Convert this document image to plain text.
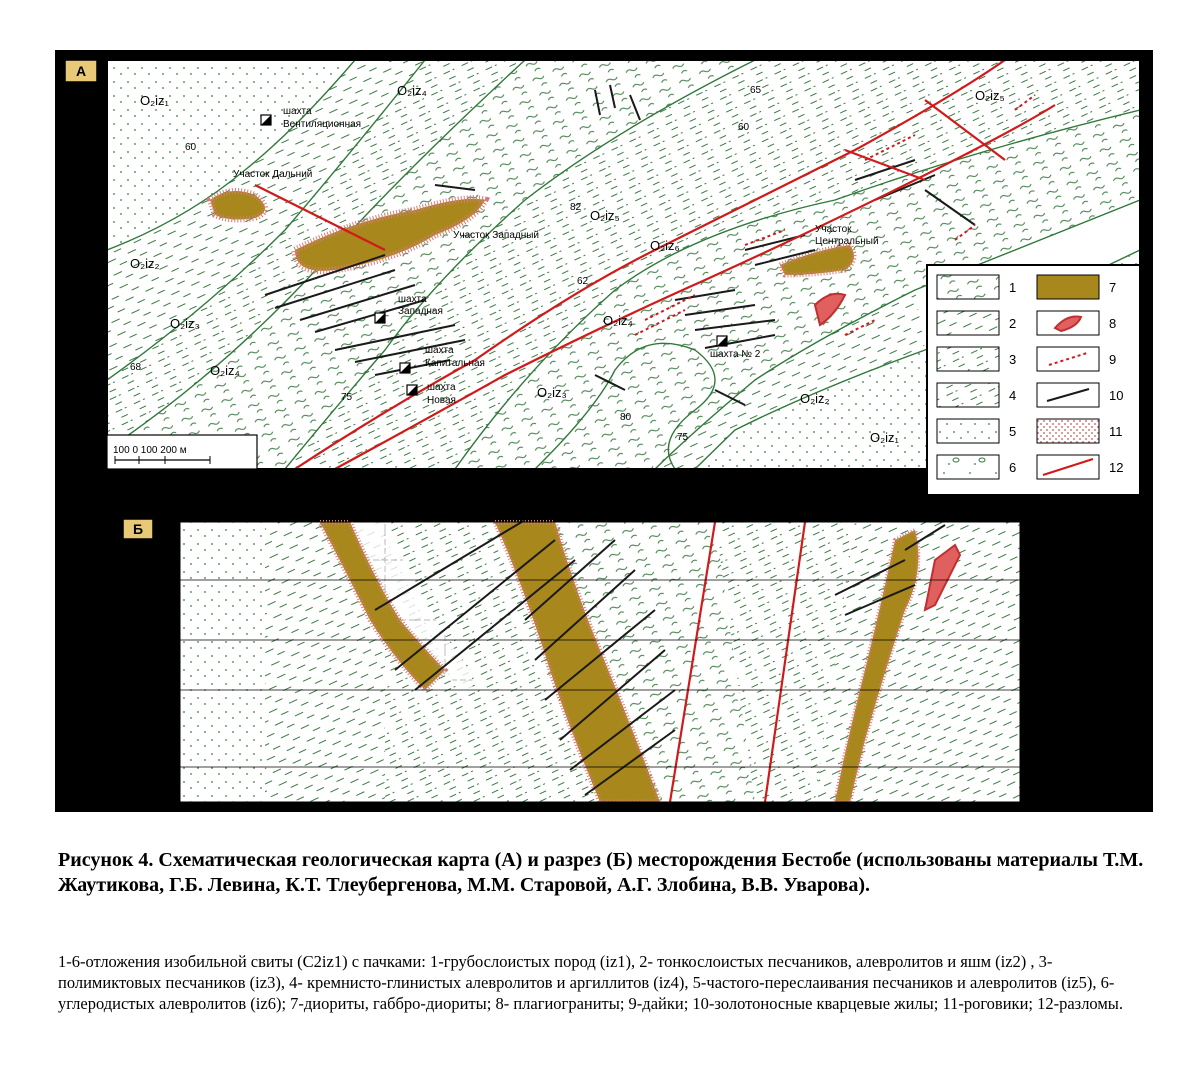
А
O₂iz₁
O₂iz₄	O₂iz₅
O₂iz₂
O₂iz₃
O₂iz₄
O₂iz₅
O₂iz₆
O₂iz₄
O₂iz₃	O₂iz₂
O₂iz₁
шахта
Вентиляционная
шахта
Западная
шахта
Капитальная
шахта
Новая
шахта № 2
Участок Дальний
Участок Западный
Участок
Центральный
60
65
60
82
62
68
75
80
75
100 0 100 200 м
1
2
3
4
5
6
7
8
9
10
11
12
Б
Участок Дальний	Участок Западный
Участок
Центральный
0
Гор.205
Гор.430
Гор.610
Гор.890

Рисунок 4. Схематическая геологическая карта (А) и разрез (Б) месторождения Бестобе (использованы материалы Т.М. Жаутикова, Г.Б. Левина, К.Т. Тлеубергенова, М.М. Старовой, А.Г. Злобина, В.В. Уварова).

1-6-отложения изобильной свиты (C2iz1) с пачками: 1-грубослоистых пород (iz1), 2- тонкослоистых песчаников, алевролитов и яшм (iz2) , 3-полимиктовых песчаников (iz3), 4- кремнисто-глинистых алевролитов и аргиллитов (iz4), 5-частого-переслаивания песчаников и алевролитов (iz5), 6-углеродистых алевролитов (iz6); 7-диориты, габбро-диориты; 8- плагиограниты; 9-дайки; 10-золотоносные кварцевые жилы; 11-роговики; 12-разломы.
